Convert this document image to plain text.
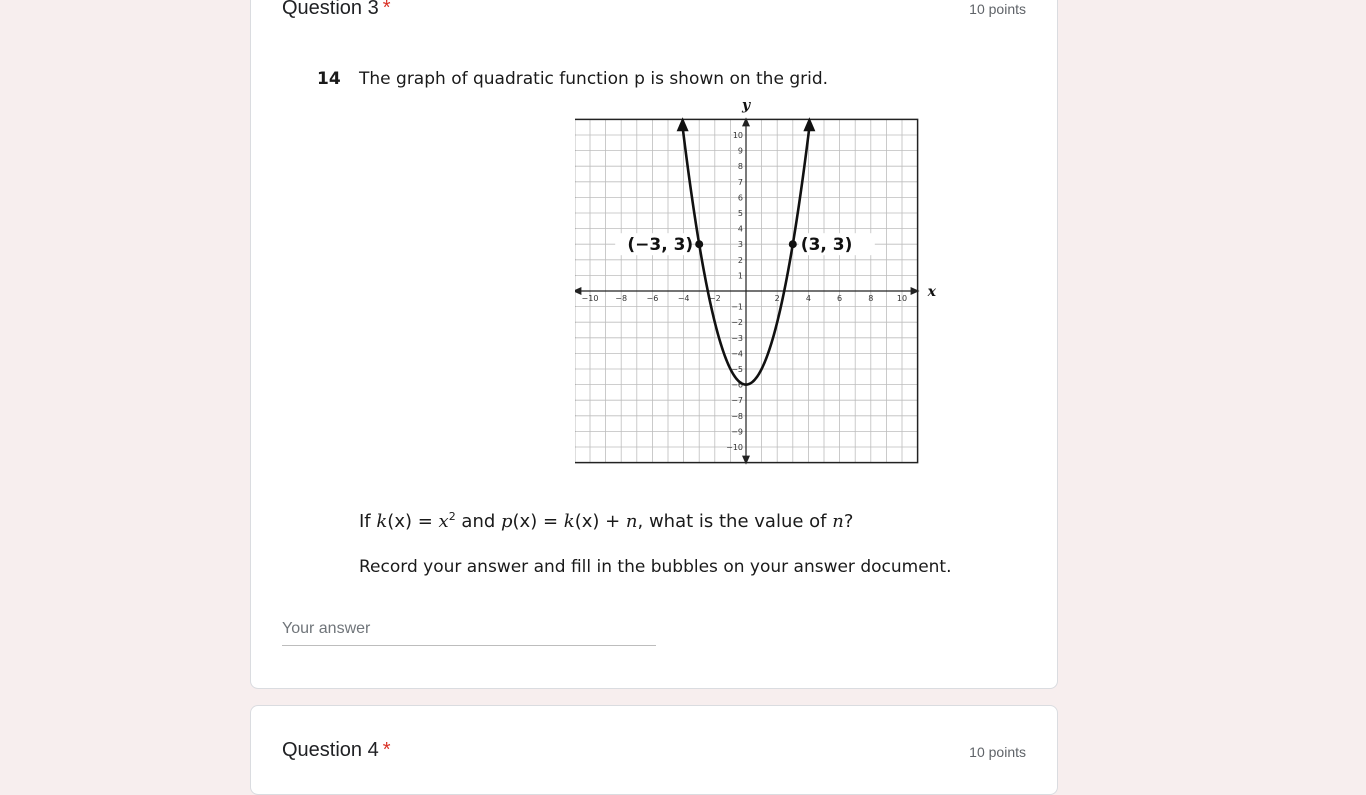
Question 3 *	10 points
14 The graph of quadratic function p is shown on the grid.
x
y
−10 −8 −6 −4 −2	2	4	6	8	10
10
9
8
7
6
5
4
3
2
1
−1
−2
−3
−4
−5
−6
−7
−8
−9
−10
(−3, 3)	(3, 3)
If $k(x) = x^2$ and p(x) = k(x) + n, what is the value of n?
Record your answer and fill in the bubbles on your answer document.
Your answer
Question 4 *	10 points
